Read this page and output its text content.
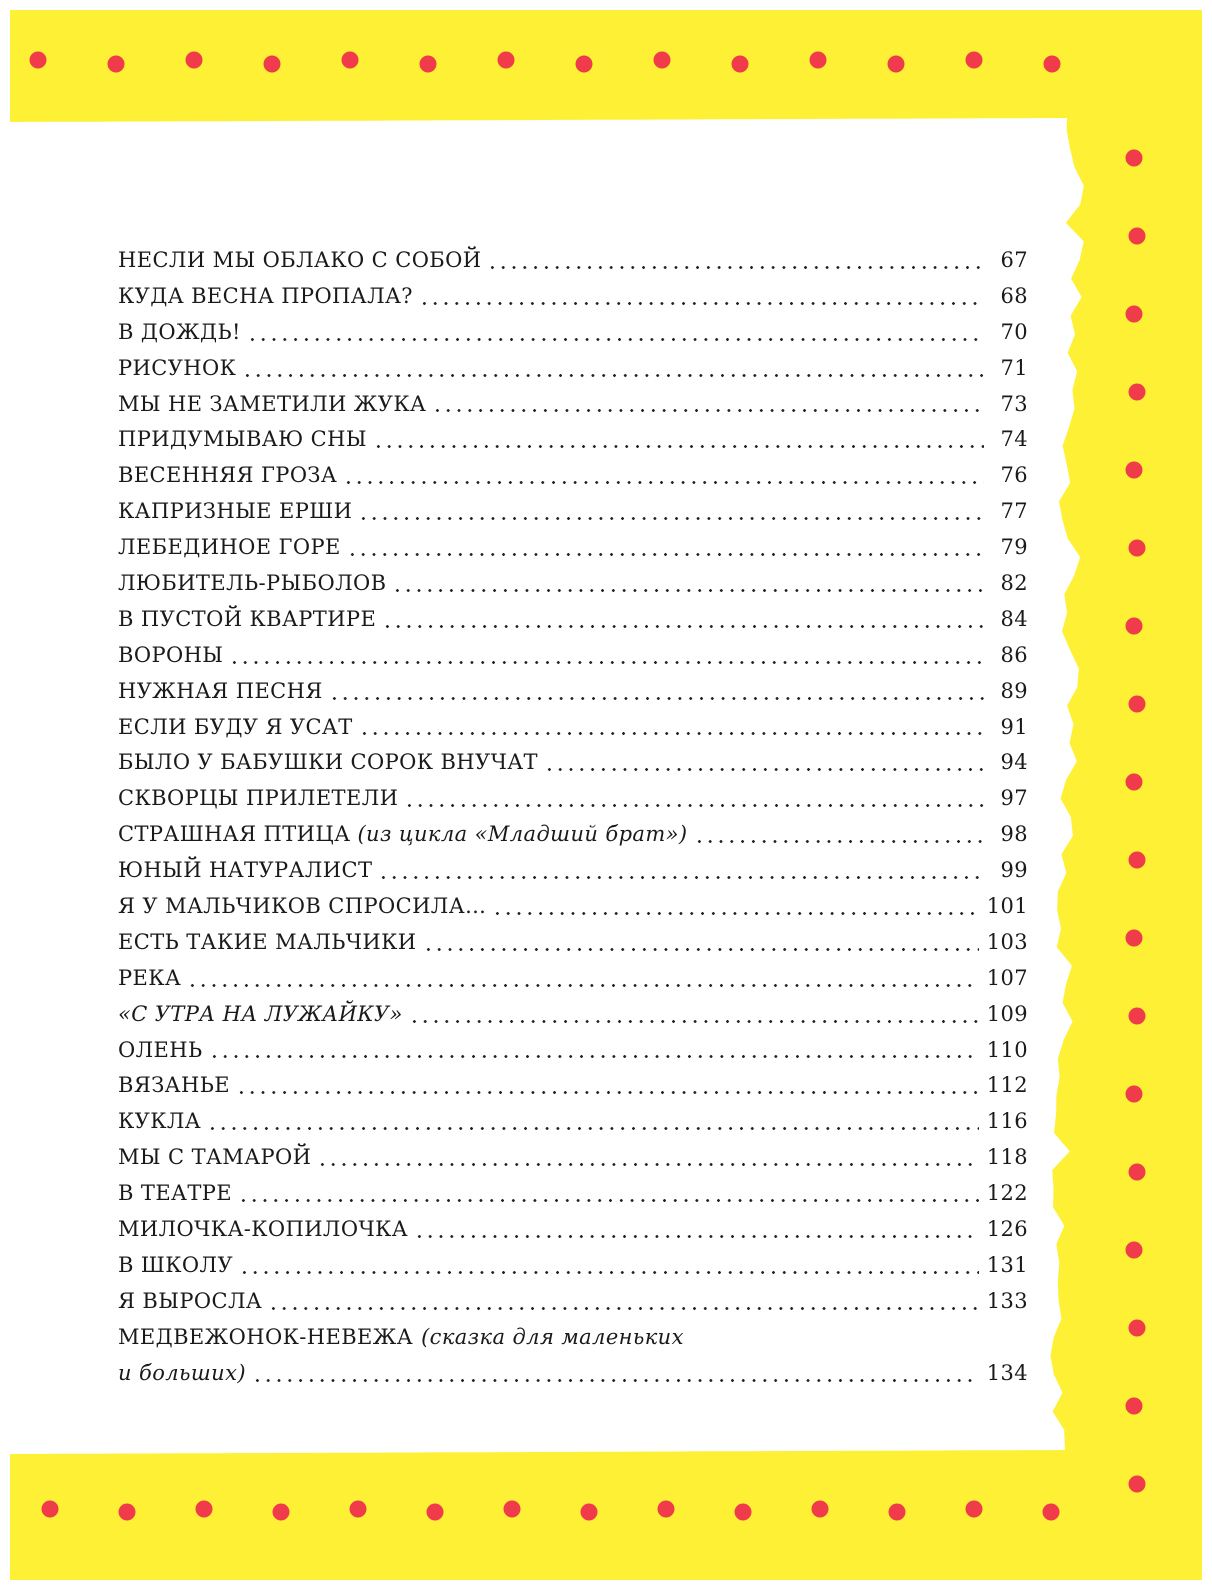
НЕСЛИ МЫ ОБЛАКО С СОБОЙ	67
КУДА ВЕСНА ПРОПАЛА?	68
В ДОЖДЬ!	70
РИСУНОК	71
МЫ НЕ ЗАМЕТИЛИ ЖУКА	73
ПРИДУМЫВАЮ СНЫ	74
ВЕСЕННЯЯ ГРОЗА	76
КАПРИЗНЫЕ ЕРШИ	77
ЛЕБЕДИНОЕ ГОРЕ	79
ЛЮБИТЕЛЬ-РЫБОЛОВ	82
В ПУСТОЙ КВАРТИРЕ	84
ВОРОНЫ	86
НУЖНАЯ ПЕСНЯ	89
ЕСЛИ БУДУ Я УСАТ	91
БЫЛО У БАБУШКИ СОРОК ВНУЧАТ	94
СКВОРЦЫ ПРИЛЕТЕЛИ	97
СТРАШНАЯ ПТИЦА (из цикла «Младший брат»)	98
ЮНЫЙ НАТУРАЛИСТ	99
Я У МАЛЬЧИКОВ СПРОСИЛА…	101
ЕСТЬ ТАКИЕ МАЛЬЧИКИ	103
РЕКА	107
«С УТРА НА ЛУЖАЙКУ»	109
ОЛЕНЬ	110
ВЯЗАНЬЕ	112
КУКЛА	116
МЫ С ТАМАРОЙ	118
В ТЕАТРЕ	122
МИЛОЧКА-КОПИЛОЧКА	126
В ШКОЛУ	131
Я ВЫРОСЛА	133
МЕДВЕЖОНОК-НЕВЕЖА (сказка для маленьких
и больших)	134
